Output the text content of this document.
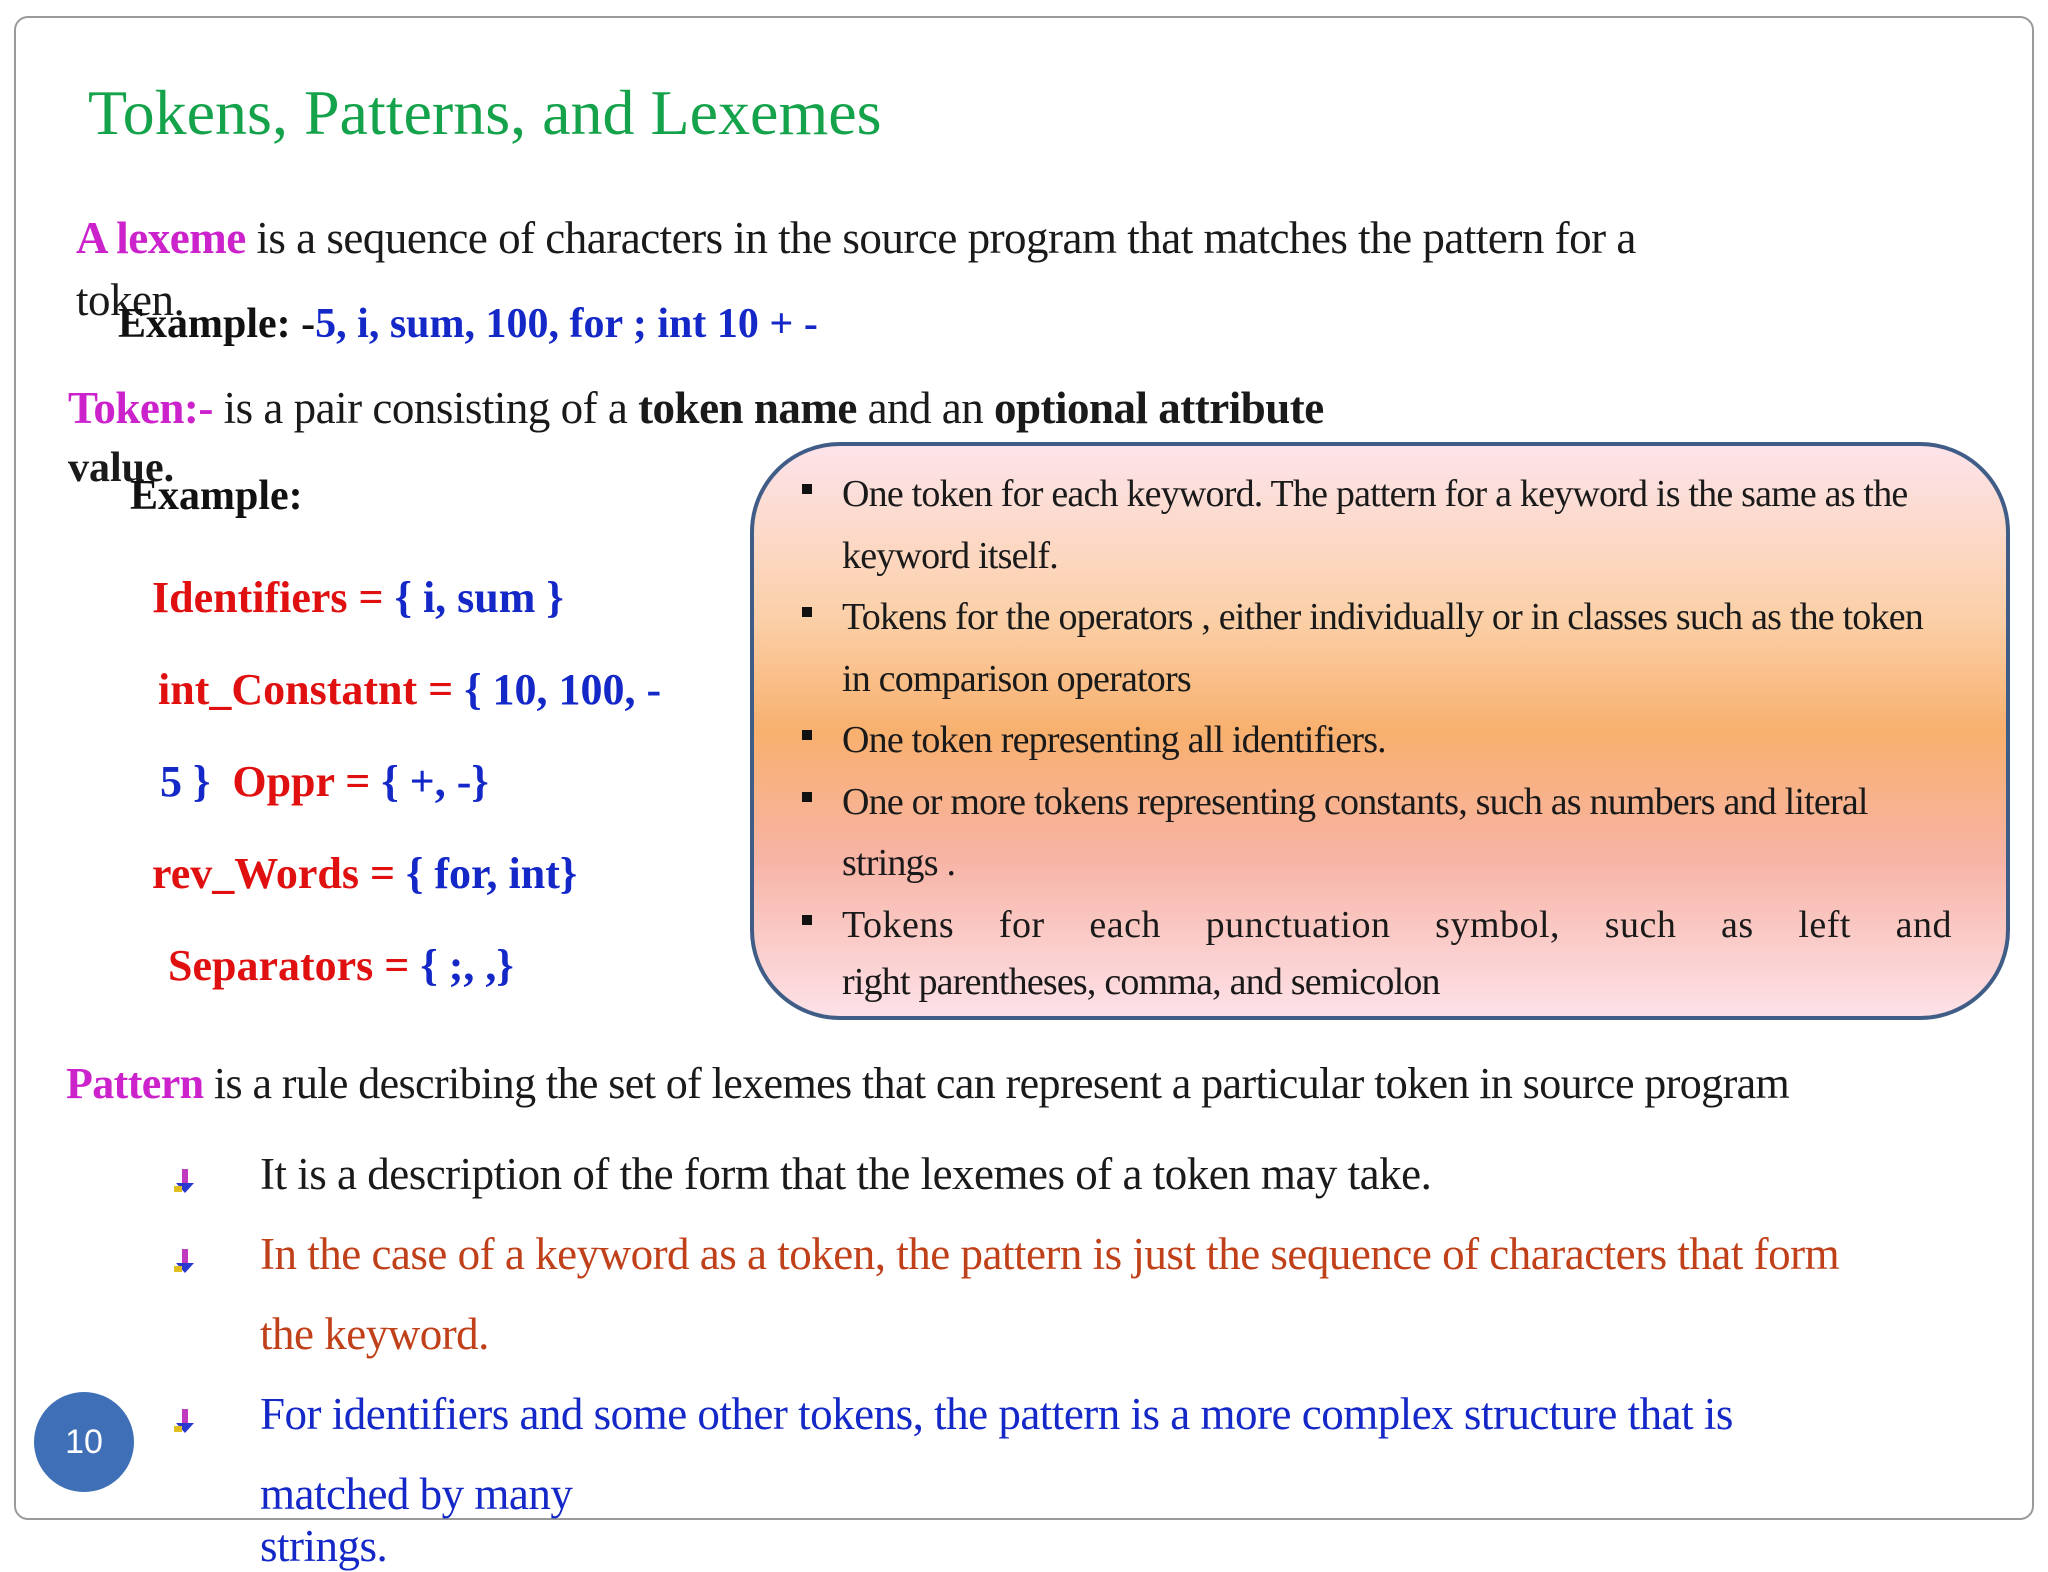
Tokens, Patterns, and Lexemes
A lexeme is a sequence of characters in the source program that matches the pattern for a
token.
Example: -5, i, sum, 100, for ; int 10 + -
Token:- is a pair consisting of a token name and an optional attribute
value.
Example:
Identifiers = { i, sum }
int_Constatnt = { 10, 100, -
5 } Oppr = { +, -}
rev_Words = { for, int}
Separators = { ;, ,}
One token for each keyword. The pattern for a keyword is the same as the keyword itself.
Tokens for the operators , either individually or in classes such as the token in comparison operators
One token representing all identifiers.
One or more tokens representing constants, such as numbers and literal strings .
Tokens for each punctuation symbol, such as left and
right parentheses, comma, and semicolon
Pattern is a rule describing the set of lexemes that can represent a particular token in source program
It is a description of the form that the lexemes of a token may take.
In the case of a keyword as a token, the pattern is just the sequence of characters that form
the keyword.
For identifiers and some other tokens, the pattern is a more complex structure that is
matched by many
strings.
10
